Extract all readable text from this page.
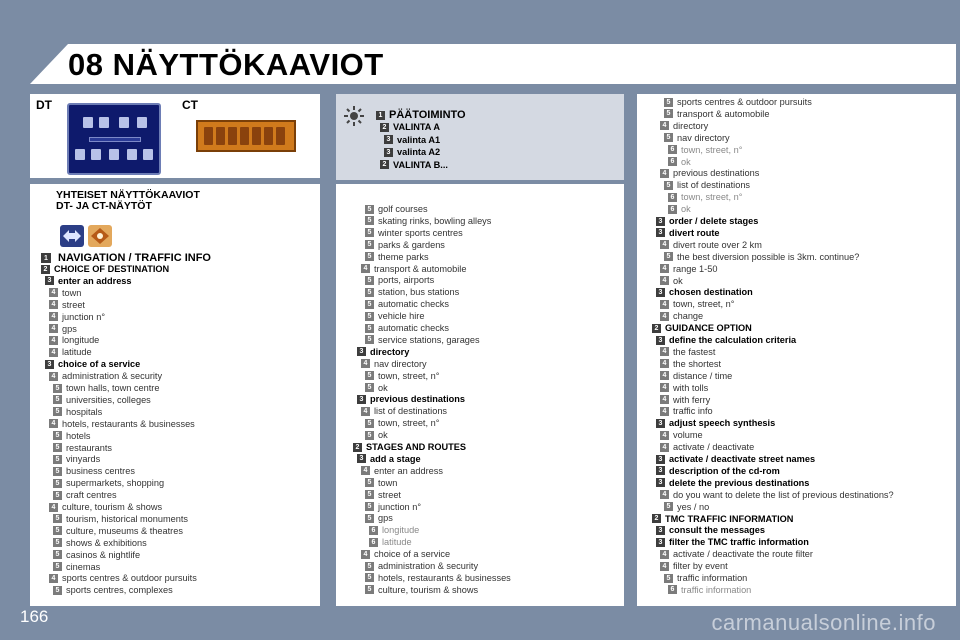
08 NÄYTTÖKAAVIOT
DT	CT
1 PÄÄTOIMINTO
2 VALINTA A
3 valinta A1
3 valinta A2
2 VALINTA B...
YHTEISET NÄYTTÖKAAVIOT
DT- JA CT-NÄYTÖT
1 NAVIGATION / TRAFFIC INFO
2 CHOICE OF DESTINATION
3 enter an address
4 town
4 street
4 junction n°
4 gps
4 longitude
4 latitude
3 choice of a service
4 administration & security
5 town halls, town centre
5 universities, colleges
5 hospitals
4 hotels, restaurants & businesses
5 hotels
5 restaurants
5 vinyards
5 business centres
5 supermarkets, shopping
5 craft centres
4 culture, tourism & shows
5 tourism, historical monuments
5 culture, museums & theatres
5 shows & exhibitions
5 casinos & nightlife
5 cinemas
4 sports centres & outdoor pursuits
5 sports centres, complexes
5 golf courses
5 skating rinks, bowling alleys
5 winter sports centres
5 parks & gardens
5 theme parks
4 transport & automobile
5 ports, airports
5 station, bus stations
5 automatic checks
5 vehicle hire
5 automatic checks
5 service stations, garages
3 directory
4 nav directory
5 town, street, n°
5 ok
3 previous destinations
4 list of destinations
5 town, street, n°
5 ok
2 STAGES AND ROUTES
3 add a stage
4 enter an address
5 town
5 street
5 junction n°
5 gps
6 longitude
6 latitude
4 choice of a service
5 administration & security
5 hotels, restaurants & businesses
5 culture, tourism & shows
5 sports centres & outdoor pursuits
5 transport & automobile
4 directory
5 nav directory
6 town, street, n°
6 ok
4 previous destinations
5 list of destinations
6 town, street, n°
6 ok
3 order / delete stages
3 divert route
4 divert route over 2 km
5 the best diversion possible is 3km. continue?
4 range 1-50
4 ok
3 chosen destination
4 town, street, n°
4 change
2 GUIDANCE OPTION
3 define the calculation criteria
4 the fastest
4 the shortest
4 distance / time
4 with tolls
4 with ferry
4 traffic info
3 adjust speech synthesis
4 volume
4 activate / deactivate
3 activate / deactivate street names
3 description of the cd-rom
3 delete the previous destinations
4 do you want to delete the list of previous destinations?
5 yes / no
2 TMC TRAFFIC INFORMATION
3 consult the messages
3 filter the TMC traffic information
4 activate / deactivate the route filter
4 filter by event
5 traffic information
6 traffic information
166	carmanualsonline.info
